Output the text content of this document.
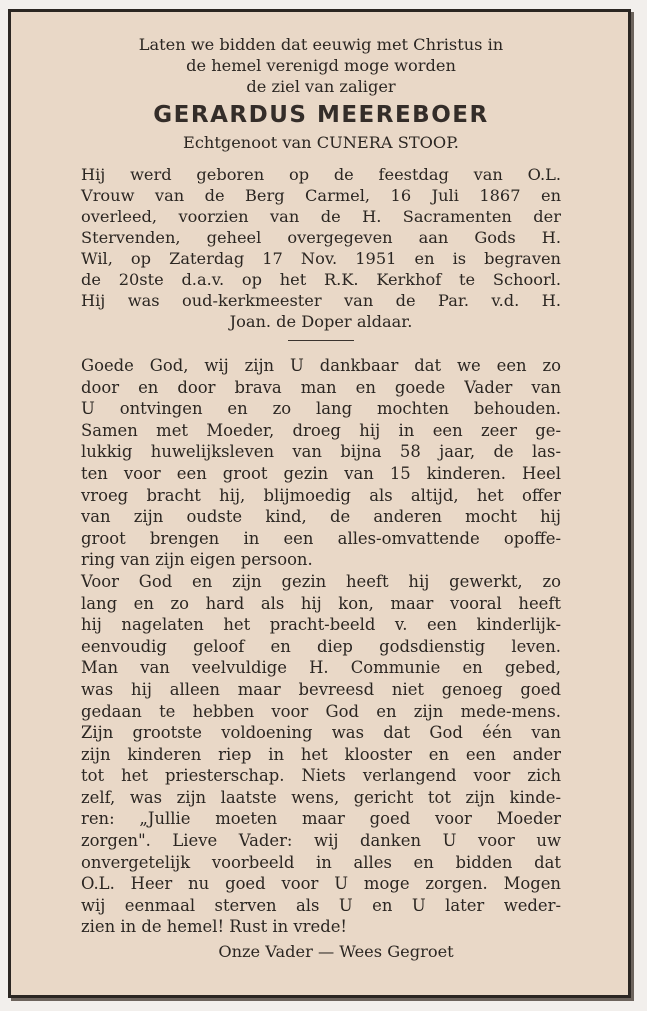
Laten we bidden dat eeuwig met Christus in
de hemel verenigd moge worden
de ziel van zaliger
GERARDUS MEEREBOER
Echtgenoot van CUNERA STOOP.
Hij werd geboren op de feestdag van O.L.
Vrouw van de Berg Carmel, 16 Juli 1867 en
overleed, voorzien van de H. Sacramenten der
Stervenden, geheel overgegeven aan Gods H.
Wil, op Zaterdag 17 Nov. 1951 en is begraven
de 20ste d.a.v. op het R.K. Kerkhof te Schoorl.
Hij was oud-kerkmeester van de Par. v.d. H.
Joan. de Doper aldaar.
Goede God, wij zijn U dankbaar dat we een zo
door en door brava man en goede Vader van
U ontvingen en zo lang mochten behouden.
Samen met Moeder, droeg hij in een zeer ge-
lukkig huwelijksleven van bijna 58 jaar, de las-
ten voor een groot gezin van 15 kinderen. Heel
vroeg bracht hij, blijmoedig als altijd, het offer
van zijn oudste kind, de anderen mocht hij
groot brengen in een alles-omvattende opoffe-
ring van zijn eigen persoon.
Voor God en zijn gezin heeft hij gewerkt, zo
lang en zo hard als hij kon, maar vooral heeft
hij nagelaten het pracht-beeld v. een kinderlijk-
eenvoudig geloof en diep godsdienstig leven.
Man van veelvuldige H. Communie en gebed,
was hij alleen maar bevreesd niet genoeg goed
gedaan te hebben voor God en zijn mede-mens.
Zijn grootste voldoening was dat God één van
zijn kinderen riep in het klooster en een ander
tot het priesterschap. Niets verlangend voor zich
zelf, was zijn laatste wens, gericht tot zijn kinde-
ren: „Jullie moeten maar goed voor Moeder
zorgen". Lieve Vader: wij danken U voor uw
onvergetelijk voorbeeld in alles en bidden dat
O.L. Heer nu goed voor U moge zorgen. Mogen
wij eenmaal sterven als U en U later weder-
zien in de hemel! Rust in vrede!
Onze Vader — Wees Gegroet
